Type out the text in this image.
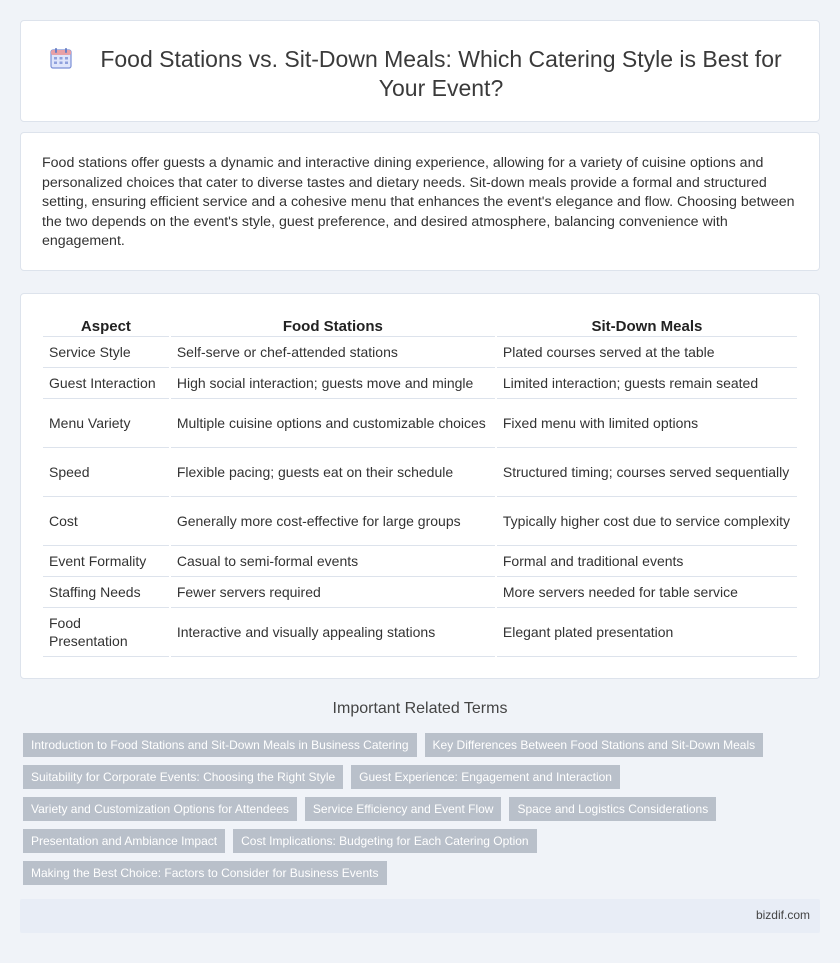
Food Stations vs. Sit-Down Meals: Which Catering Style is Best for Your Event?

Food stations offer guests a dynamic and interactive dining experience, allowing for a variety of cuisine options and personalized choices that cater to diverse tastes and dietary needs. Sit-down meals provide a formal and structured setting, ensuring efficient service and a cohesive menu that enhances the event's elegance and flow. Choosing between the two depends on the event's style, guest preference, and desired atmosphere, balancing convenience with engagement.

Aspect	Food Stations	Sit-Down Meals
Service Style	Self-serve or chef-attended stations	Plated courses served at the table
Guest Interaction	High social interaction; guests move and mingle	Limited interaction; guests remain seated
Menu Variety	Multiple cuisine options and customizable choices	Fixed menu with limited options
Speed	Flexible pacing; guests eat on their schedule	Structured timing; courses served sequentially
Cost	Generally more cost-effective for large groups	Typically higher cost due to service complexity
Event Formality	Casual to semi-formal events	Formal and traditional events
Staffing Needs	Fewer servers required	More servers needed for table service
Food Presentation	Interactive and visually appealing stations	Elegant plated presentation
Important Related Terms
Introduction to Food Stations and Sit-Down Meals in Business Catering	Key Differences Between Food Stations and Sit-Down Meals
Suitability for Corporate Events: Choosing the Right Style	Guest Experience: Engagement and Interaction
Variety and Customization Options for Attendees	Service Efficiency and Event Flow	Space and Logistics Considerations
Presentation and Ambiance Impact	Cost Implications: Budgeting for Each Catering Option
Making the Best Choice: Factors to Consider for Business Events
bizdif.com
